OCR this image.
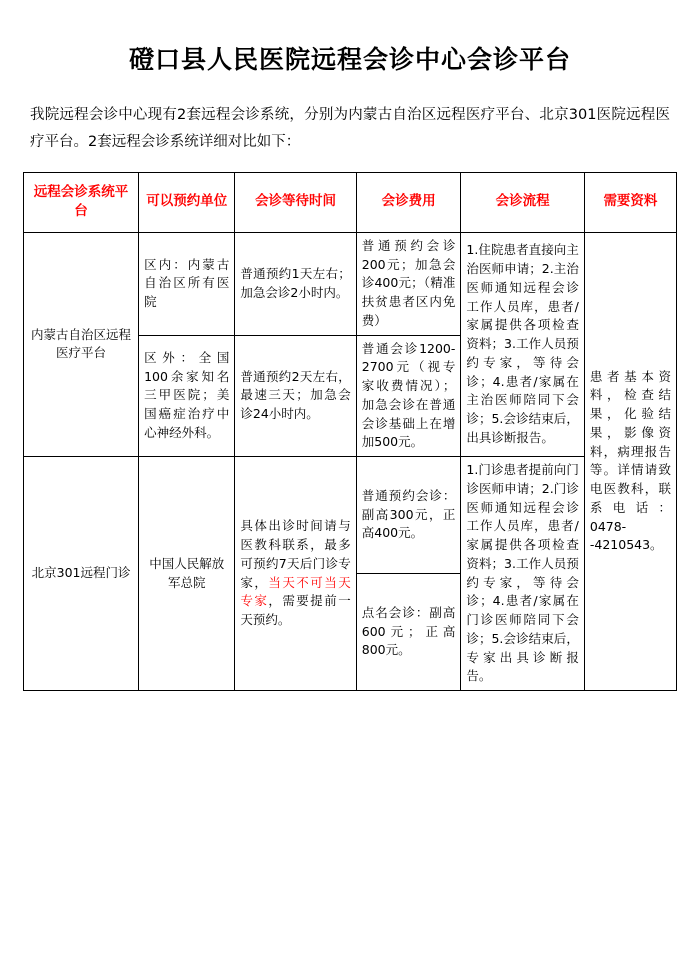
磴口县人民医院远程会诊中心会诊平台

我院远程会诊中心现有2套远程会诊系统，分别为内蒙古自治区远程医疗平台、北京301医院远程医疗平台。2套远程会诊系统详细对比如下：

远程会诊系统平台	可以预约单位	会诊等待时间	会诊费用	会诊流程	需要资料
内蒙古自治区远程医疗平台	区内：内蒙古自治区所有医院	普通预约1天左右；加急会诊2小时内。	普通预约会诊200元；加急会诊400元；（精准扶贫患者区内免费）	1.住院患者直接向主治医师申请；2.主治医师通知远程会诊工作人员库，患者/家属提供各项检查资料；3.工作人员预约专家，等待会诊；4.患者/家属在主治医师陪同下会诊；5.会诊结束后，出具诊断报告。	患者基本资料，检查结果，化验结果，影像资料，病理报告等。详情请致电医教科，联系电话：0478--4210543。
	区外：全国100余家知名三甲医院；美国癌症治疗中心神经外科。	普通预约2天左右，最速三天；加急会诊24小时内。	普通会诊1200-2700元（视专家收费情况）；加急会诊在普通会诊基础上在增加500元。		
北京301远程门诊	中国人民解放军总院	具体出诊时间请与医教科联系，最多可预约7天后门诊专家，当天不可当天专家，需要提前一天预约。	普通预约会诊：副高300元，正高400元。	1.门诊患者提前向门诊医师申请；2.门诊医师通知远程会诊工作人员库，患者/家属提供各项检查资料；3.工作人员预约专家，等待会诊；4.患者/家属在门诊医师陪同下会诊；5.会诊结束后，专家出具诊断报告。	
			点名会诊：副高600元；正高800元。		
